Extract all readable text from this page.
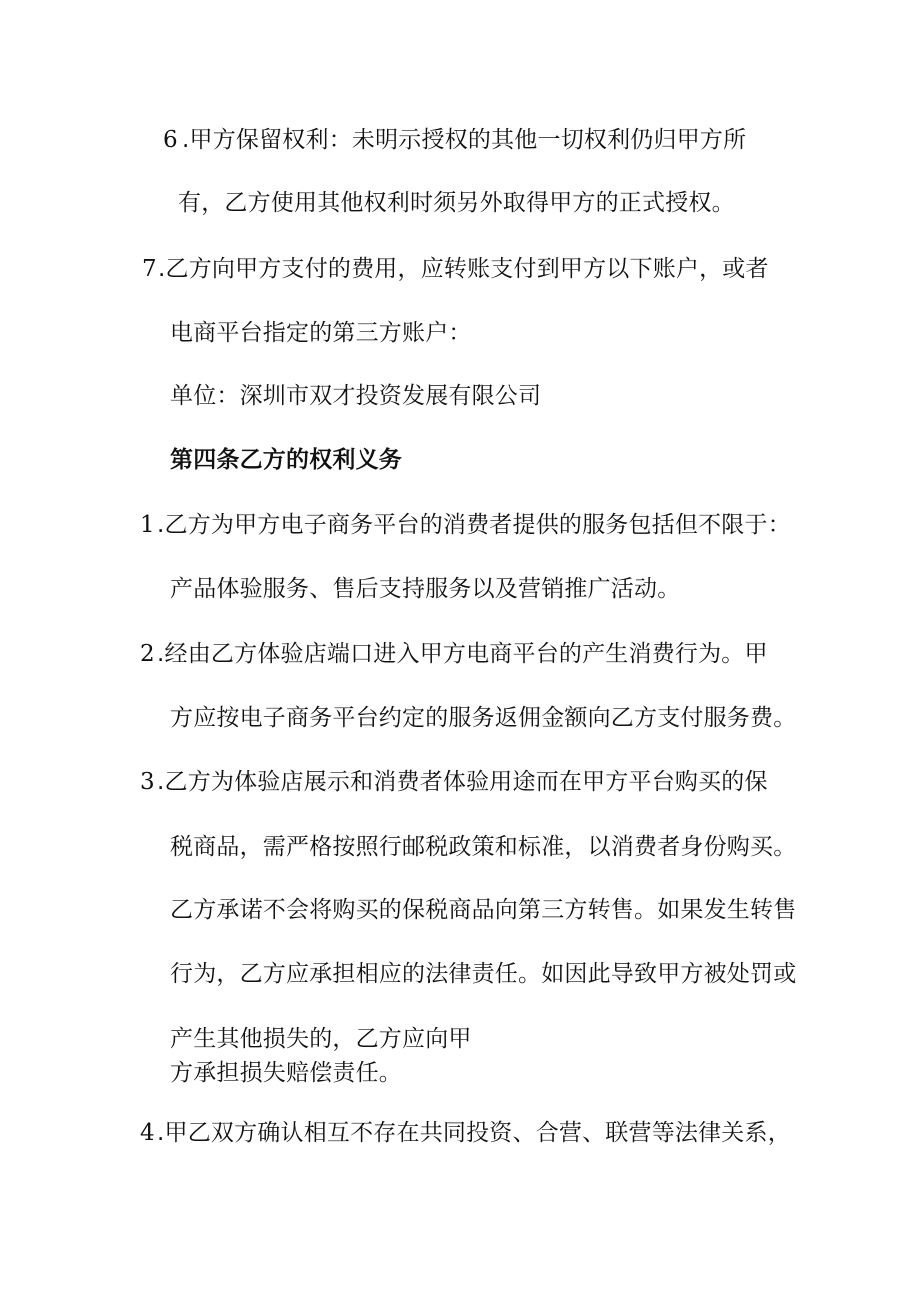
6 .甲方保留权利：未明示授权的其他一切权利仍归甲方所
有，乙方使用其他权利时须另外取得甲方的正式授权。
7 .乙方向甲方支付的费用，应转账支付到甲方以下账户，或者
电商平台指定的第三方账户：
单位：深圳市双才投资发展有限公司
第四条乙方的权利义务
1 .乙方为甲方电子商务平台的消费者提供的服务包括但不限于：
产品体验服务、售后支持服务以及营销推广活动。
2 .经由乙方体验店端口进入甲方电商平台的产生消费行为。甲
方应按电子商务平台约定的服务返佣金额向乙方支付服务费。
3 .乙方为体验店展示和消费者体验用途而在甲方平台购买的保
税商品，需严格按照行邮税政策和标准，以消费者身份购买。
乙方承诺不会将购买的保税商品向第三方转售。如果发生转售
行为，乙方应承担相应的法律责任。如因此导致甲方被处罚或
产生其他损失的，乙方应向甲
方承担损失赔偿责任。
4 .甲乙双方确认相互不存在共同投资、合营、联营等法律关系，
